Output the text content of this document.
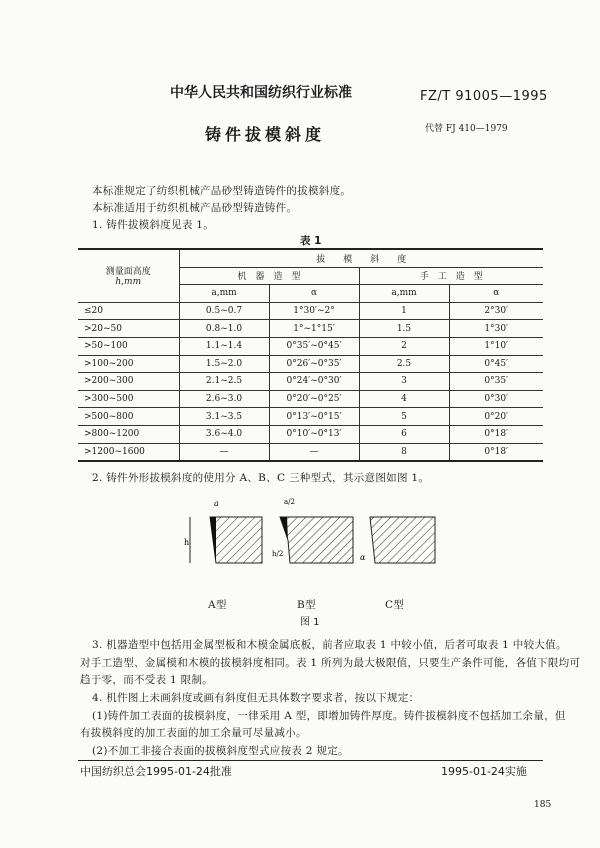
中华人民共和国纺织行业标准	FZ/T 91005—1995
铸件拔模斜度	代替 FJ 410—1979
本标准规定了纺织机械产品砂型铸造铸件的拔模斜度。
本标准适用于纺织机械产品砂型铸造铸件。
1. 铸件拔模斜度见表 1。
表 1
测量面高度
h,mm	拔　　模　　斜　　度			
	机　器　造　型		手　工　造　型	
	a,mm	α	a,mm	α
≤20	0.5~0.7	1°30′~2°	1	2°30′
>20~50	0.8~1.0	1°~1°15′	1.5	1°30′
>50~100	1.1~1.4	0°35′~0°45′	2	1°10′
>100~200	1.5~2.0	0°26′~0°35′	2.5	0°45′
>200~300	2.1~2.5	0°24′~0°30′	3	0°35′
>300~500	2.6~3.0	0°20′~0°25′	4	0°30′
>500~800	3.1~3.5	0°13′~0°15′	5	0°20′
>800~1200	3.6~4.0	0°10′~0°13′	6	0°18′
>1200~1600	—	—	8	0°18′
2. 铸件外形拔模斜度的使用分 A、B、C 三种型式，其示意图如图 1。
h
a	a/2
h/2	α
A型	B型	C型
图 1
3. 机器造型中包括用金属型板和木模金属底板，前者应取表 1 中较小值，后者可取表 1 中较大值。
对手工造型、金属模和木模的拔模斜度相同。表 1 所列为最大极限值，只要生产条件可能，各值下限均可
趋于零，而不受表 1 限制。
4. 机件图上未画斜度或画有斜度但无具体数字要求者，按以下规定：
(1)铸件加工表面的拔模斜度，一律采用 A 型，即增加铸件厚度。铸件拔模斜度不包括加工余量，但
有拔模斜度的加工表面的加工余量可尽量减小。
(2)不加工非接合表面的拔模斜度型式应按表 2 规定。
中国纺织总会1995-01-24批准	1995-01-24实施
185
